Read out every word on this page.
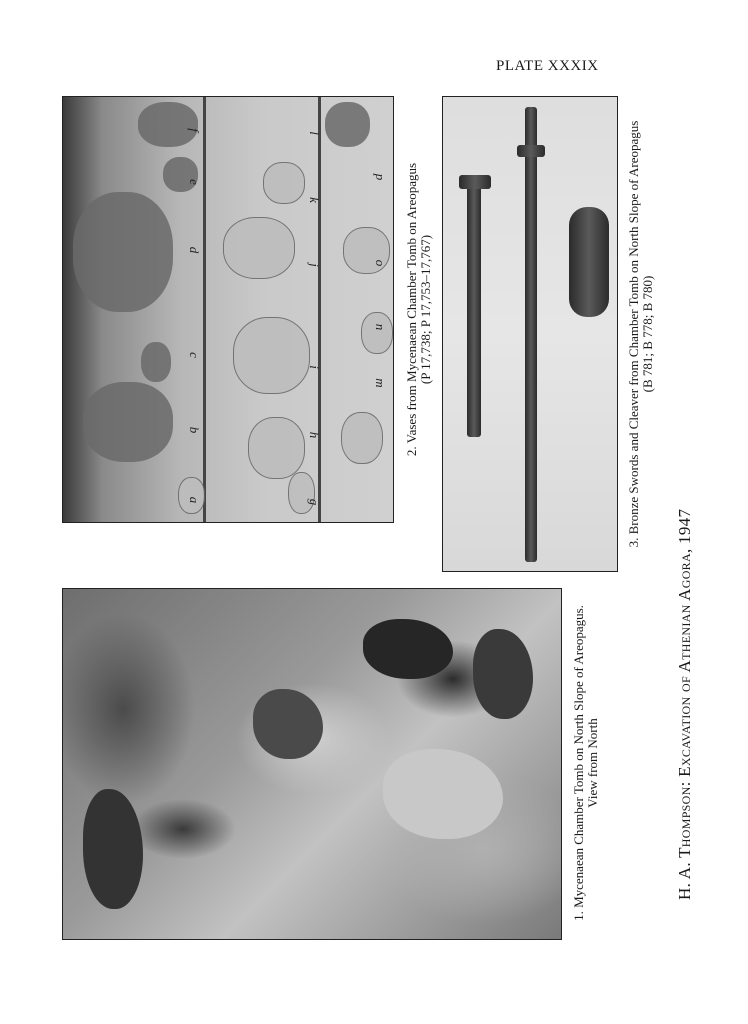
PLATE XXXIX
a
b
c
d
e
f
g
h
i
j
k
l
m
n
o
p
1. Mycenaean Chamber Tomb on North Slope of Areopagus. View from North
2. Vases from Mycenaean Chamber Tomb on Areopagus (P 17,738; P 17,753–17,767)	3. Bronze Swords and Cleaver from Chamber Tomb on North Slope of Areopagus (B 781; B 778; B 780)
H. A. Thompson: Excavation of Athenian Agora, 1947
